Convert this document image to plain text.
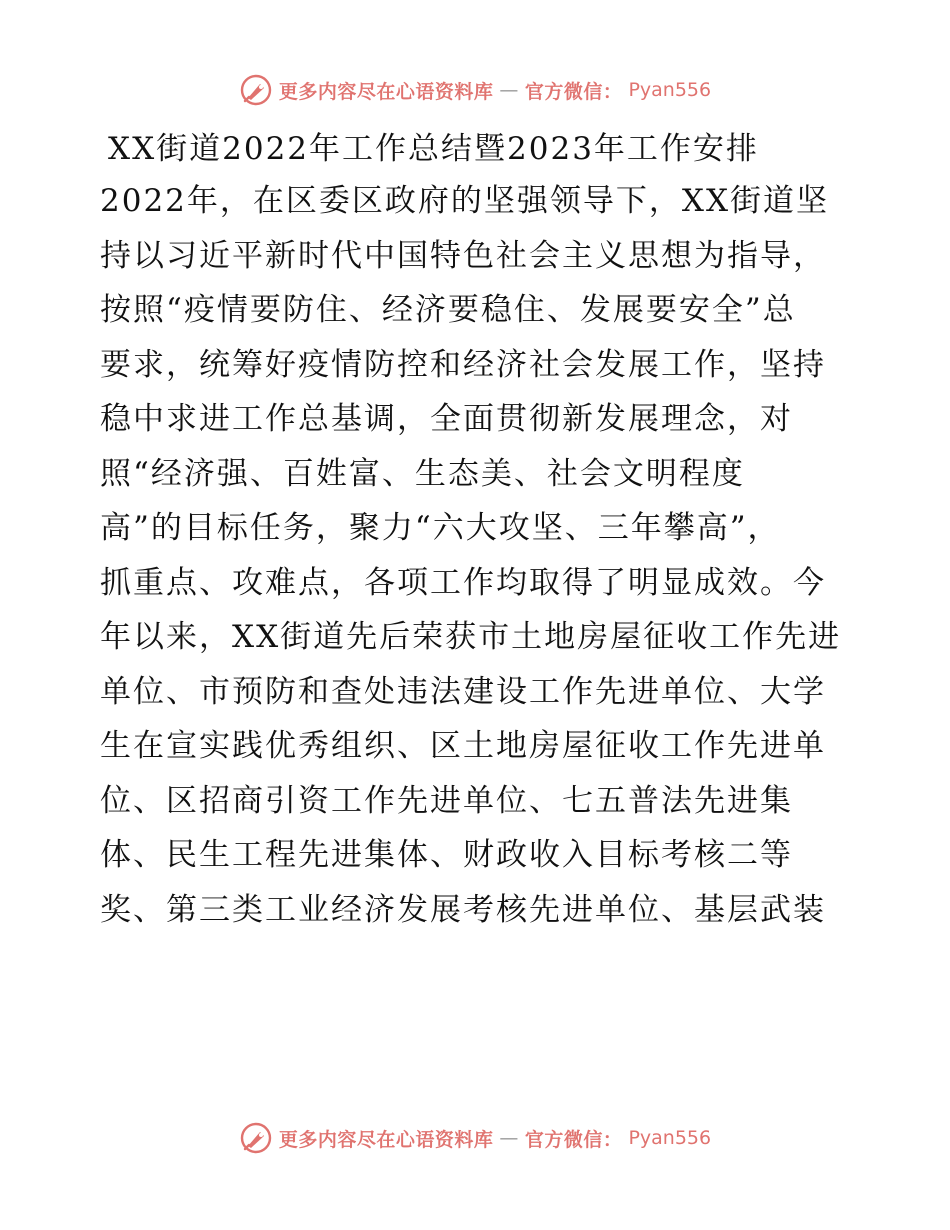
更多内容尽在心语资料库 — 官方微信： Pyan556
XX街道2022年工作总结暨2023年工作安排
2022年，在区委区政府的坚强领导下，XX街道坚
持以习近平新时代中国特色社会主义思想为指导，
按照“疫情要防住、经济要稳住、发展要安全”总
要求，统筹好疫情防控和经济社会发展工作，坚持
稳中求进工作总基调，全面贯彻新发展理念，对
照“经济强、百姓富、生态美、社会文明程度
高”的目标任务，聚力“六大攻坚、三年攀高”，
抓重点、攻难点，各项工作均取得了明显成效。今
年以来，XX街道先后荣获市土地房屋征收工作先进
单位、市预防和查处违法建设工作先进单位、大学
生在宣实践优秀组织、区土地房屋征收工作先进单
位、区招商引资工作先进单位、七五普法先进集
体、民生工程先进集体、财政收入目标考核二等
奖、第三类工业经济发展考核先进单位、基层武装
更多内容尽在心语资料库 — 官方微信： Pyan556
